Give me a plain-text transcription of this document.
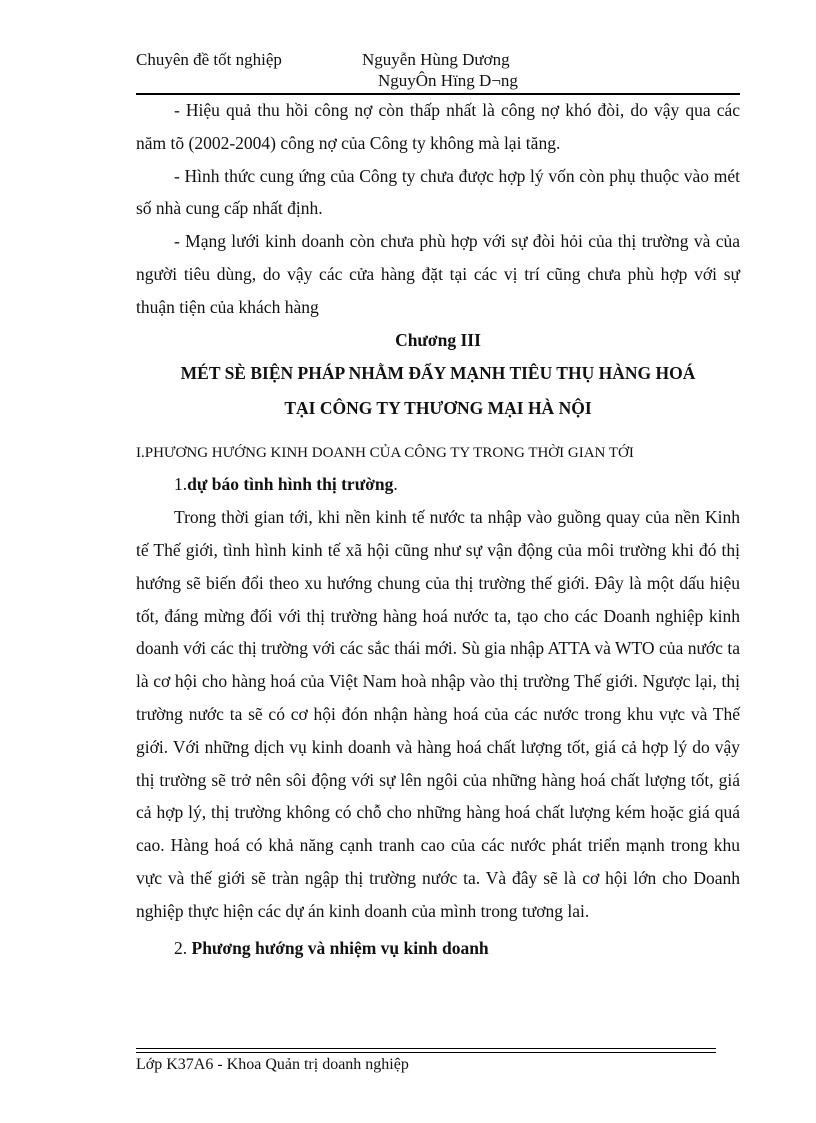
Chuyên đề tốt nghiệp	Nguyễn Hùng Dương
NguyÔn Hïng D¬ng

- Hiệu quả thu hồi công nợ còn thấp nhất là công nợ khó đòi, do vậy qua các năm tõ (2002-2004) công nợ của Công ty không mà lại tăng.

- Hình thức cung ứng của Công ty chưa được hợp lý vốn còn phụ thuộc vào mét số nhà cung cấp nhất định.

- Mạng lưới kinh doanh còn chưa phù hợp với sự đòi hỏi của thị trường và của người tiêu dùng, do vậy các cửa hàng đặt tại các vị trí cũng chưa phù hợp với sự thuận tiện của khách hàng

Chương III

MÉT SÈ BIỆN PHÁP NHẰM ĐẨY MẠNH TIÊU THỤ HÀNG HOÁ

TẠI CÔNG TY THƯƠNG MẠI HÀ NỘI

I.PHƯƠNG HƯỚNG KINH DOANH CỦA CÔNG TY TRONG THỜI GIAN TỚI

1.dự báo tình hình thị trường.

Trong thời gian tới, khi nền kinh tế nước ta nhập vào guồng quay của nền Kinh tế Thế giới, tình hình kinh tế xã hội cũng như sự vận động của môi trường khi đó thị hướng sẽ biến đổi theo xu hướng chung của thị trường thế giới. Đây là một dấu hiệu tốt, đáng mừng đối với thị trường hàng hoá nước ta, tạo cho các Doanh nghiệp kinh doanh với các thị trường với các sắc thái mới. Sù gia nhập ATTA và WTO của nước ta là cơ hội cho hàng hoá của Việt Nam hoà nhập vào thị trường Thế giới. Ngược lại, thị trường nước ta sẽ có cơ hội đón nhận hàng hoá của các nước trong khu vực và Thế giới. Với những dịch vụ kinh doanh và hàng hoá chất lượng tốt, giá cả hợp lý do vậy thị trường sẽ trở nên sôi động với sự lên ngôi của những hàng hoá chất lượng tốt, giá cả hợp lý, thị trường không có chỗ cho những hàng hoá chất lượng kém hoặc giá quá cao. Hàng hoá có khả năng cạnh tranh cao của các nước phát triển mạnh trong khu vực và thế giới sẽ tràn ngập thị trường nước ta. Và đây sẽ là cơ hội lớn cho Doanh nghiệp thực hiện các dự án kinh doanh của mình trong tương lai.

2. Phương hướng và nhiệm vụ kinh doanh

Lớp K37A6 - Khoa Quản trị doanh nghiệp
